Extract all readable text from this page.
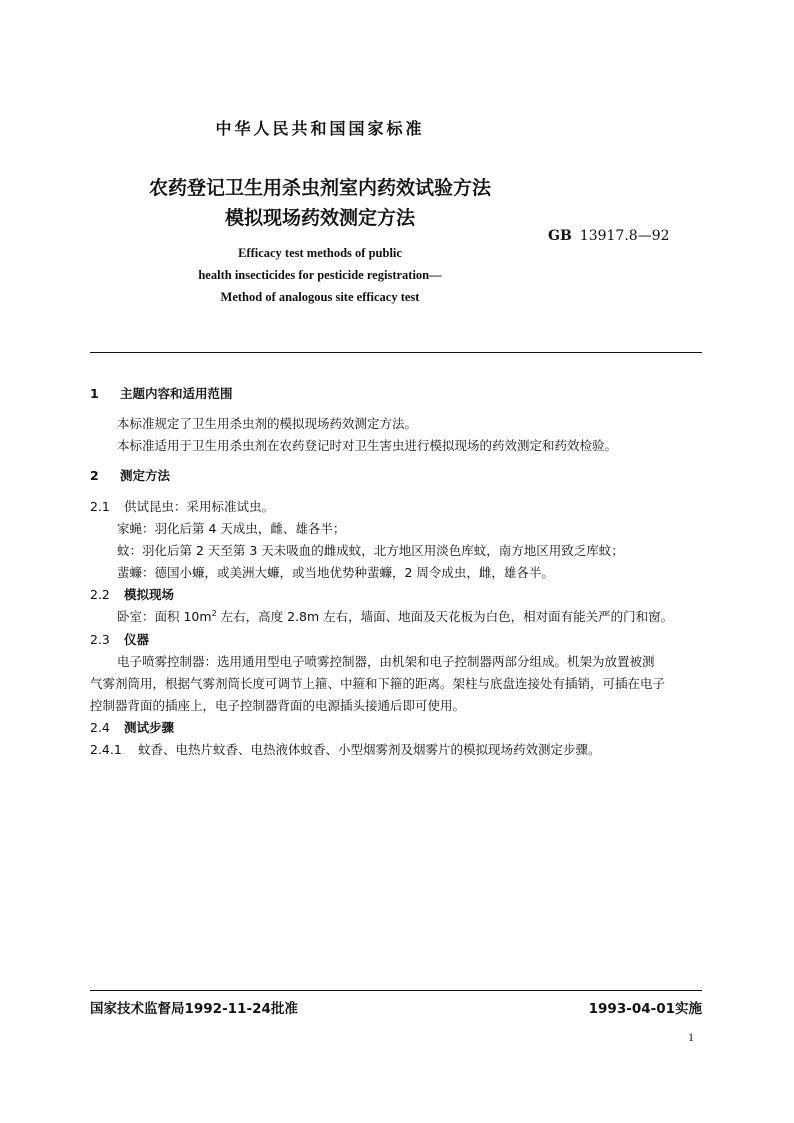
中华人民共和国国家标准
农药登记卫生用杀虫剂室内药效试验方法
模拟现场药效测定方法
GB 13917.8—92
Efficacy test methods of public
health insecticides for pesticide registration—
Method of analogous site efficacy test
1 主题内容和适用范围
本标准规定了卫生用杀虫剂的模拟现场药效测定方法。
本标准适用于卫生用杀虫剂在农药登记时对卫生害虫进行模拟现场的药效测定和药效检验。
2 测定方法
2.1 供试昆虫：采用标准试虫。
家蝇：羽化后第 4 天成虫，雌、雄各半；
蚊：羽化后第 2 天至第 3 天未吸血的雌成蚊，北方地区用淡色库蚊，南方地区用致乏库蚊；
蜚蠊：德国小蠊，或美洲大蠊，或当地优势种蜚蠊，2 周令成虫，雌，雄各半。
2.2 模拟现场
卧室：面积 $10m^2$ 左右，高度 2.8m 左右，墙面、地面及天花板为白色，相对面有能关严的门和窗。
2.3 仪器
电子喷雾控制器：选用通用型电子喷雾控制器，由机架和电子控制器两部分组成。机架为放置被测
气雾剂筒用，根据气雾剂筒长度可调节上箍、中箍和下箍的距离。架柱与底盘连接处有插销，可插在电子
控制器背面的插座上，电子控制器背面的电源插头接通后即可使用。
2.4 测试步骤
2.4.1 蚊香、电热片蚊香、电热液体蚊香、小型烟雾剂及烟雾片的模拟现场药效测定步骤。
国家技术监督局1992-11-24批准	1993-04-01实施
1
